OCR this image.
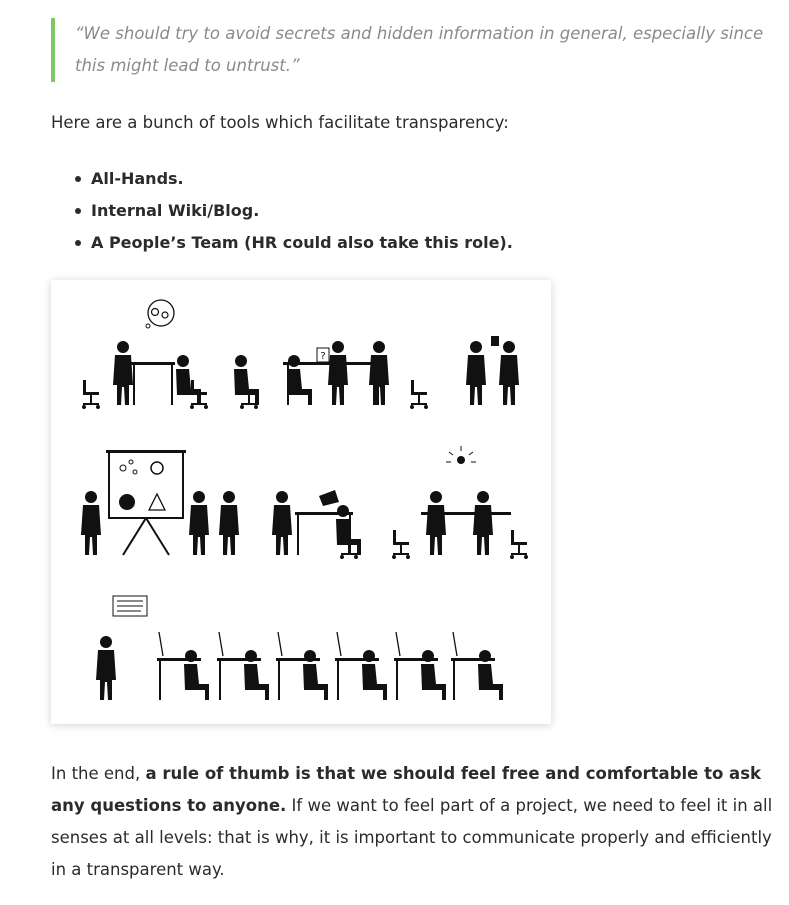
“We should try to avoid secrets and hidden information in general, especially since this might lead to untrust.”

Here are a bunch of tools which facilitate transparency:

All-Hands.
Internal Wiki/Blog.
A People’s Team (HR could also take this role).
?

In the end, a rule of thumb is that we should feel free and comfortable to ask any questions to anyone. If we want to feel part of a project, we need to feel it in all senses at all levels: that is why, it is important to communicate properly and efficiently in a transparent way.
